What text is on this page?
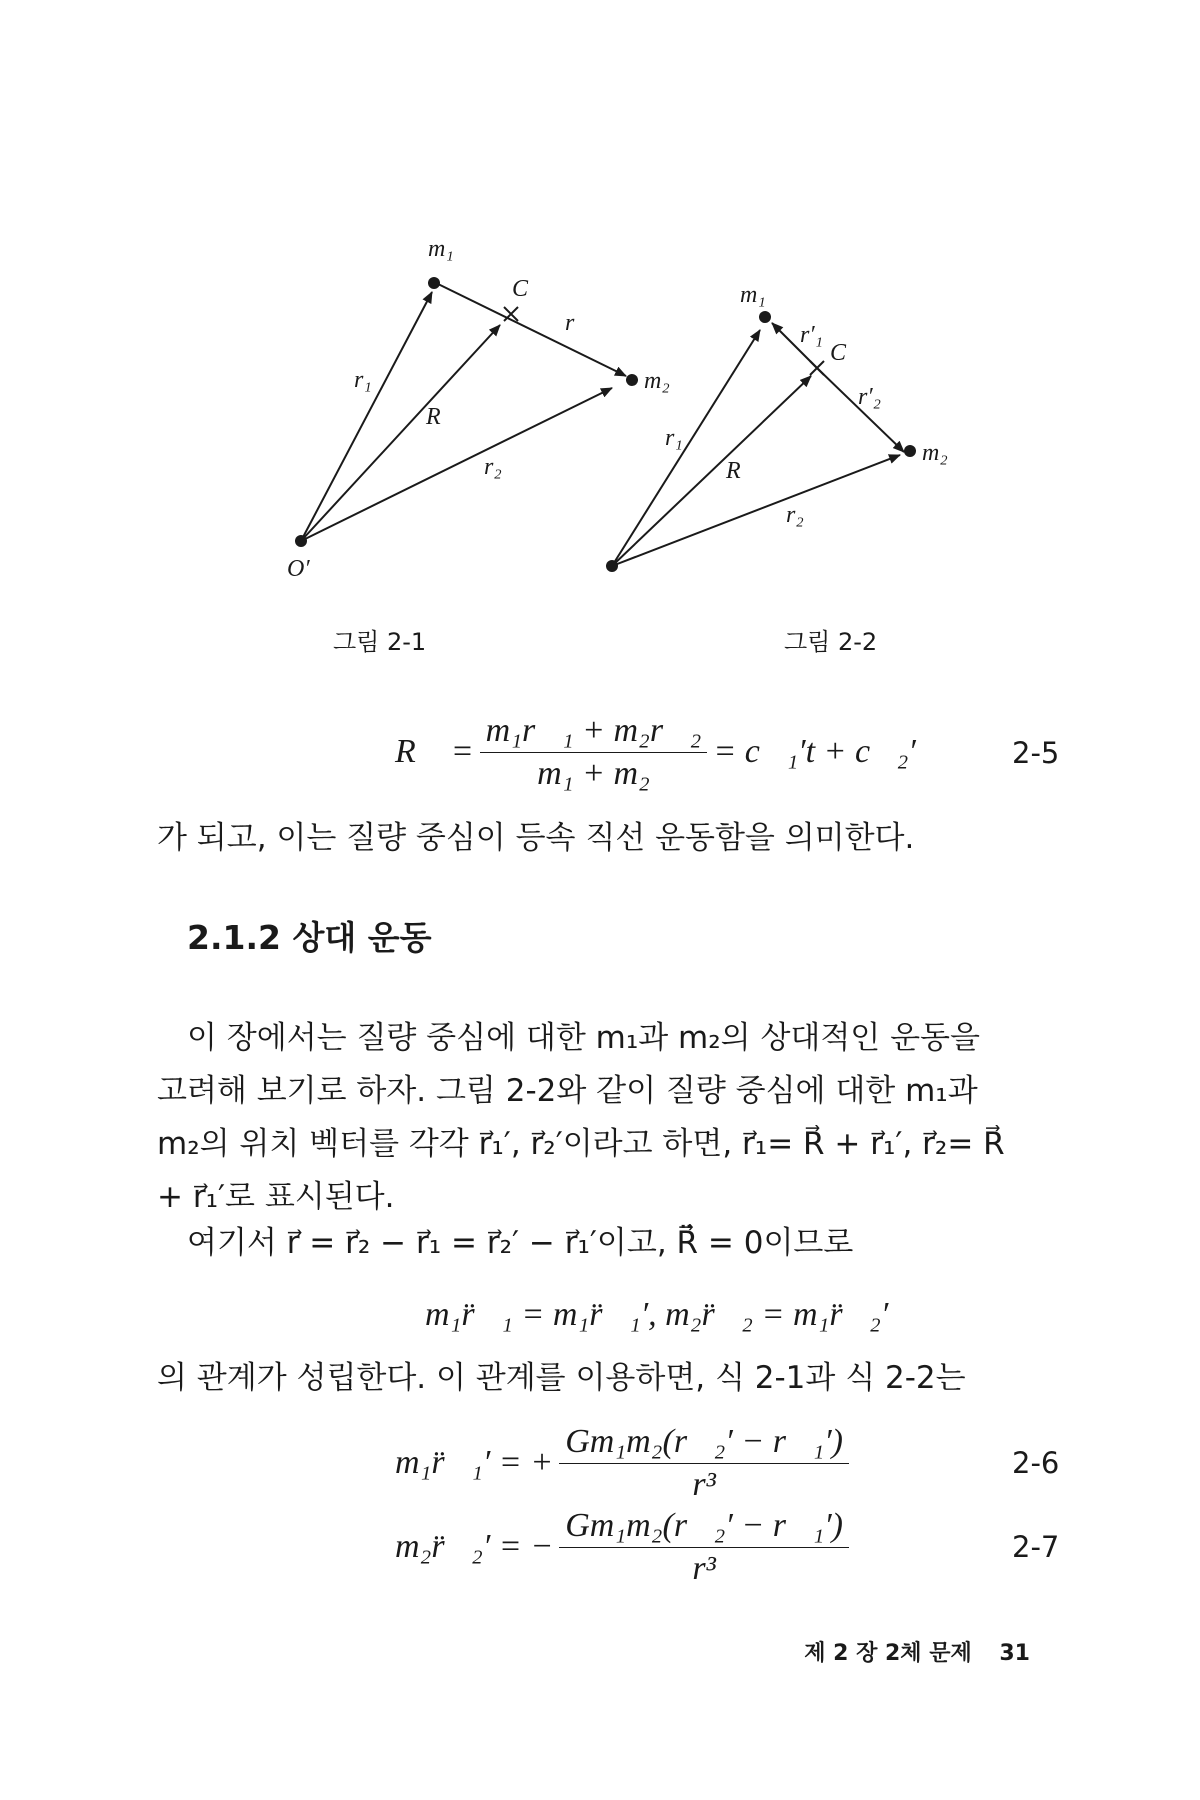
m₁
C
r
m₂
r₁
R
r₂
O′
m₁
r′₁
C
r′₂
m₂
r₁
R
r₂
그림 2-1	그림 2-2
R⃗ = $\frac{\text{m₁r⃗₁ + m₂r⃗₂}}{\text{m₁ + m₂}}$ = c⃗₁′t + c⃗₂′	2-5
가 되고, 이는 질량 중심이 등속 직선 운동함을 의미한다.
2.1.2 상대 운동
이 장에서는 질량 중심에 대한 m₁과 m₂의 상대적인 운동을
고려해 보기로 하자. 그림 2-2와 같이 질량 중심에 대한 m₁과
m₂의 위치 벡터를 각각 r⃗₁′, r⃗₂′이라고 하면, r⃗₁= R⃗ + r⃗₁′, r⃗₂= R⃗
+ r⃗₁′로 표시된다.
여기서 r⃗ = r⃗₂ − r⃗₁ = r⃗₂′ − r⃗₁′이고, R̈⃗ = 0이므로
m₁r̈⃗₁ = m₁r̈⃗₁′, m₂r̈⃗₂ = m₁r̈⃗₂′
의 관계가 성립한다. 이 관계를 이용하면, 식 2-1과 식 2-2는
m₁r̈⃗₁′ = + $\frac{\text{Gm₁m₂(r⃗₂′ − r⃗₁′)}}{\text{r³}}$	2-6
m₂r̈⃗₂′ = − $\frac{\text{Gm₁m₂(r⃗₂′ − r⃗₁′)}}{\text{r³}}$	2-7
제 2 장 2체 문제 31
